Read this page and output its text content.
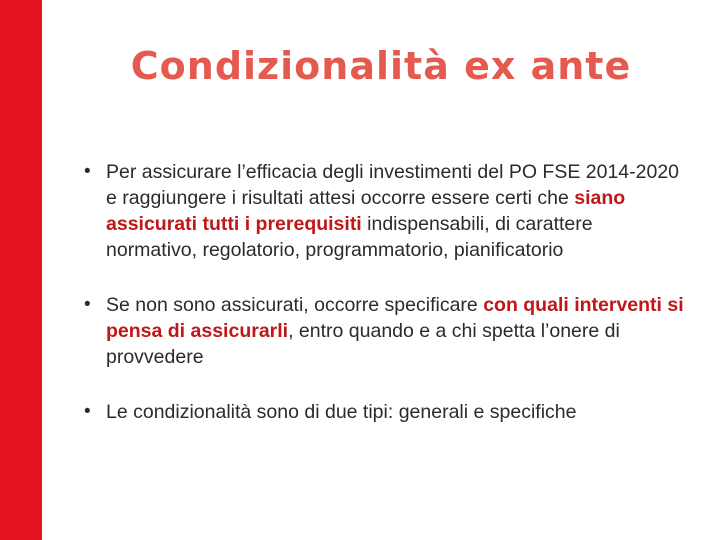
Condizionalità ex ante
• Per assicurare l’efficacia degli investimenti del PO FSE 2014-2020 e raggiungere i risultati attesi occorre essere certi che siano assicurati tutti i prerequisiti indispensabili, di carattere normativo, regolatorio, programmatorio, pianificatorio
• Se non sono assicurati, occorre specificare con quali interventi si pensa di assicurarli, entro quando e a chi spetta l’onere di provvedere
• Le condizionalità sono di due tipi: generali e specifiche
